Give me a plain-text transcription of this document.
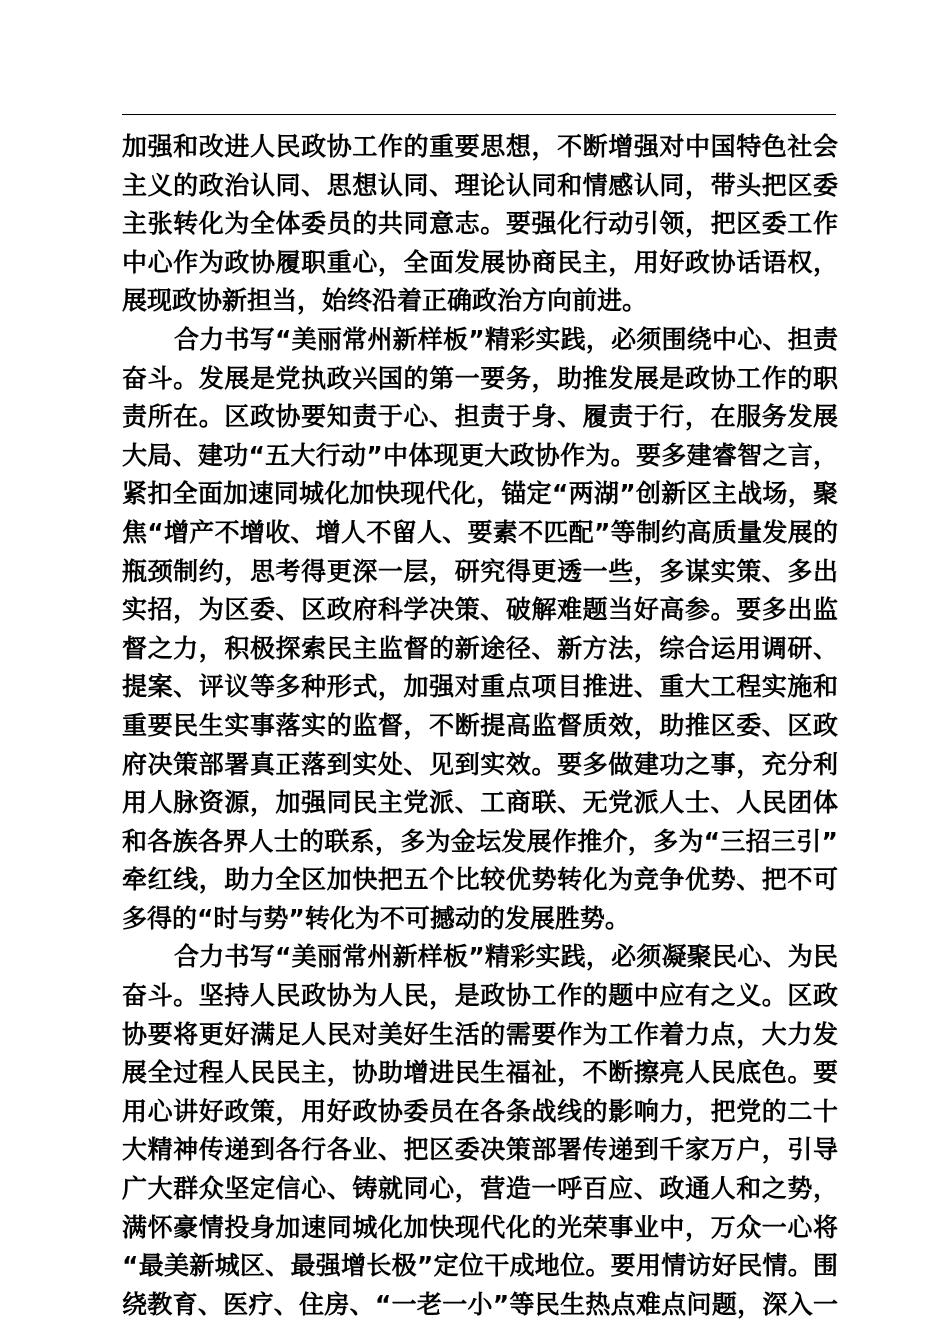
加强和改进人民政协工作的重要思想，不断增强对中国特色社会
主义的政治认同、思想认同、理论认同和情感认同，带头把区委
主张转化为全体委员的共同意志。要强化行动引领，把区委工作
中心作为政协履职重心，全面发展协商民主，用好政协话语权，
展现政协新担当，始终沿着正确政治方向前进。
合力书写“美丽常州新样板”精彩实践，必须围绕中心、担责
奋斗。发展是党执政兴国的第一要务，助推发展是政协工作的职
责所在。区政协要知责于心、担责于身、履责于行，在服务发展
大局、建功“五大行动”中体现更大政协作为。要多建睿智之言，
紧扣全面加速同城化加快现代化，锚定“两湖”创新区主战场，聚
焦“增产不增收、增人不留人、要素不匹配”等制约高质量发展的
瓶颈制约，思考得更深一层，研究得更透一些，多谋实策、多出
实招，为区委、区政府科学决策、破解难题当好高参。要多出监
督之力，积极探索民主监督的新途径、新方法，综合运用调研、
提案、评议等多种形式，加强对重点项目推进、重大工程实施和
重要民生实事落实的监督，不断提高监督质效，助推区委、区政
府决策部署真正落到实处、见到实效。要多做建功之事，充分利
用人脉资源，加强同民主党派、工商联、无党派人士、人民团体
和各族各界人士的联系，多为金坛发展作推介，多为“三招三引”
牵红线，助力全区加快把五个比较优势转化为竞争优势、把不可
多得的“时与势”转化为不可撼动的发展胜势。
合力书写“美丽常州新样板”精彩实践，必须凝聚民心、为民
奋斗。坚持人民政协为人民，是政协工作的题中应有之义。区政
协要将更好满足人民对美好生活的需要作为工作着力点，大力发
展全过程人民民主，协助增进民生福祉，不断擦亮人民底色。要
用心讲好政策，用好政协委员在各条战线的影响力，把党的二十
大精神传递到各行各业、把区委决策部署传递到千家万户，引导
广大群众坚定信心、铸就同心，营造一呼百应、政通人和之势，
满怀豪情投身加速同城化加快现代化的光荣事业中，万众一心将
“最美新城区、最强增长极”定位干成地位。要用情访好民情。围
绕教育、医疗、住房、“一老一小”等民生热点难点问题，深入一
